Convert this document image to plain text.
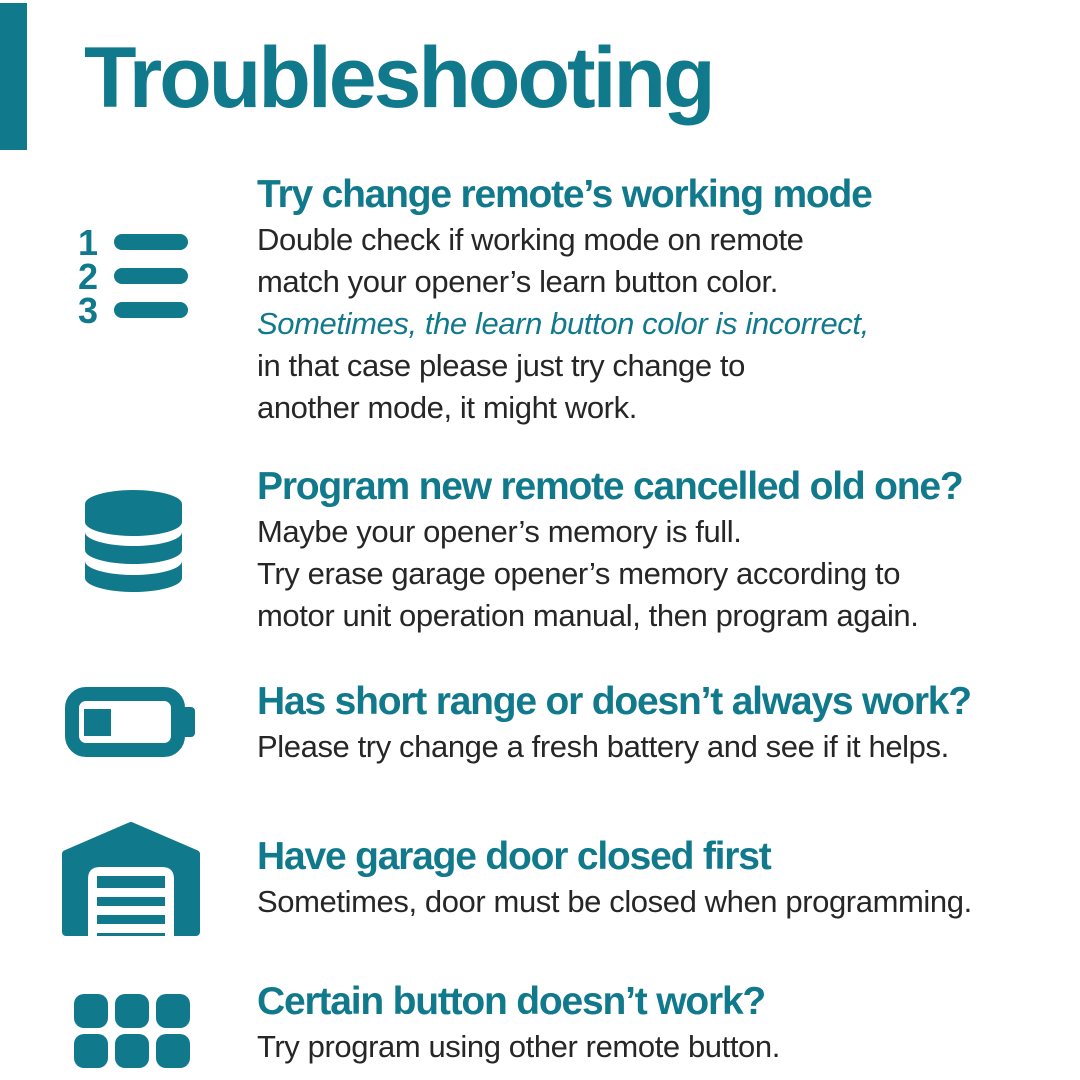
Troubleshooting
1
2
3
Try change remote’s working mode
Double check if working mode on remote
match your opener’s learn button color.
Sometimes, the learn button color is incorrect,
in that case please just try change to
another mode, it might work.
Program new remote cancelled old one?
Maybe your opener’s memory is full.
Try erase garage opener’s memory according to
motor unit operation manual, then program again.
Has short range or doesn’t always work?
Please try change a fresh battery and see if it helps.
Have garage door closed first
Sometimes, door must be closed when programming.
Certain button doesn’t work?
Try program using other remote button.
